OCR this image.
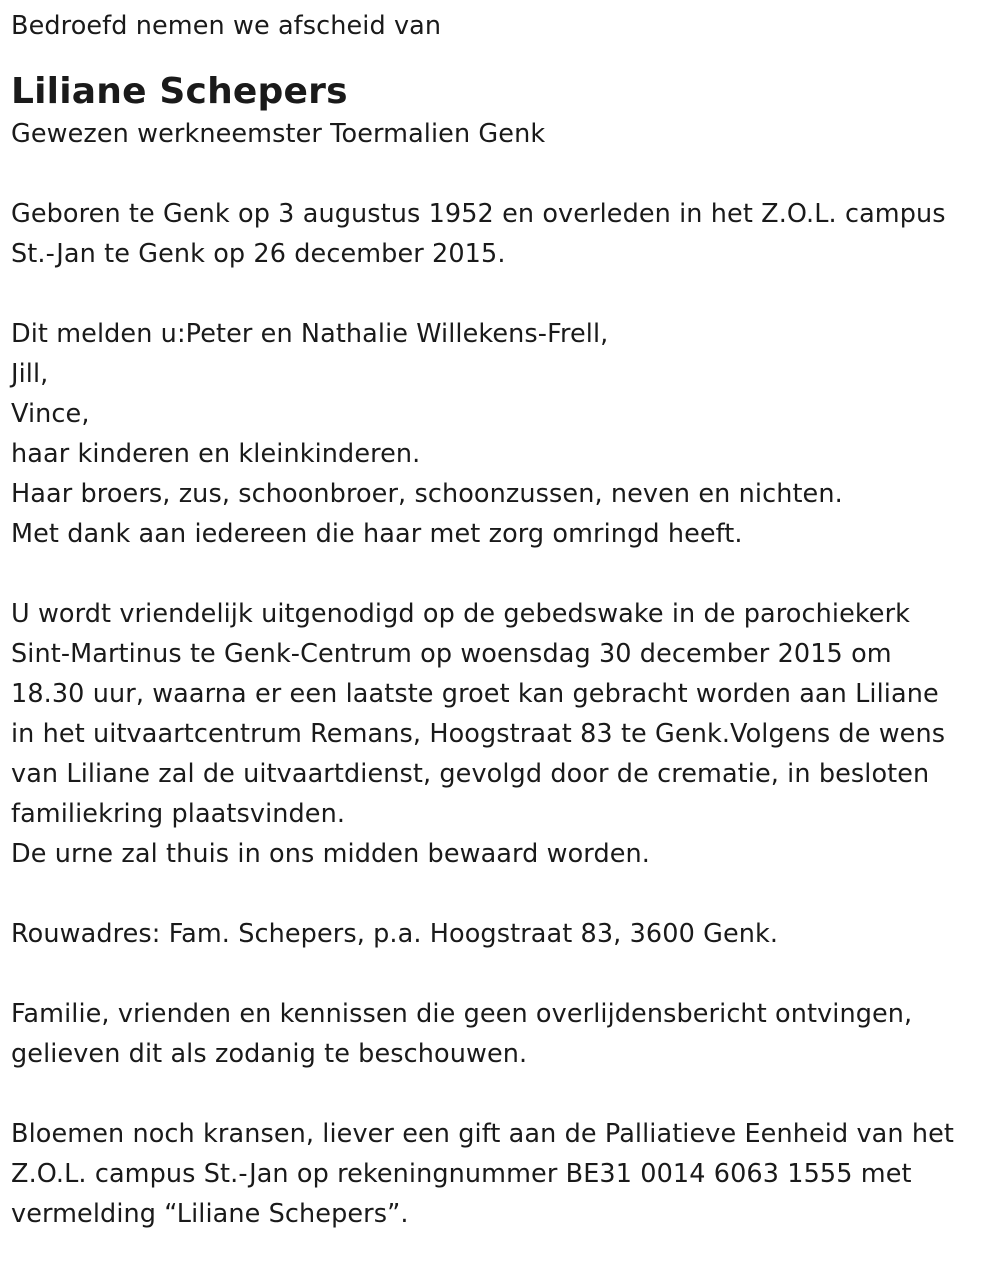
Bedroefd nemen we afscheid van
Liliane Schepers
Gewezen werkneemster Toermalien Genk
Geboren te Genk op 3 augustus 1952 en overleden in het Z.O.L. campus
St.-Jan te Genk op 26 december 2015.
Dit melden u:Peter en Nathalie Willekens-Frell,
Jill,
Vince,
haar kinderen en kleinkinderen.
Haar broers, zus, schoonbroer, schoonzussen, neven en nichten.
Met dank aan iedereen die haar met zorg omringd heeft.
U wordt vriendelijk uitgenodigd op de gebedswake in de parochiekerk
Sint-Martinus te Genk-Centrum op woensdag 30 december 2015 om
18.30 uur, waarna er een laatste groet kan gebracht worden aan Liliane
in het uitvaartcentrum Remans, Hoogstraat 83 te Genk.Volgens de wens
van Liliane zal de uitvaartdienst, gevolgd door de crematie, in besloten
familiekring plaatsvinden.
De urne zal thuis in ons midden bewaard worden.
Rouwadres: Fam. Schepers, p.a. Hoogstraat 83, 3600 Genk.
Familie, vrienden en kennissen die geen overlijdensbericht ontvingen,
gelieven dit als zodanig te beschouwen.
Bloemen noch kransen, liever een gift aan de Palliatieve Eenheid van het
Z.O.L. campus St.-Jan op rekeningnummer BE31 0014 6063 1555 met
vermelding “Liliane Schepers”.
